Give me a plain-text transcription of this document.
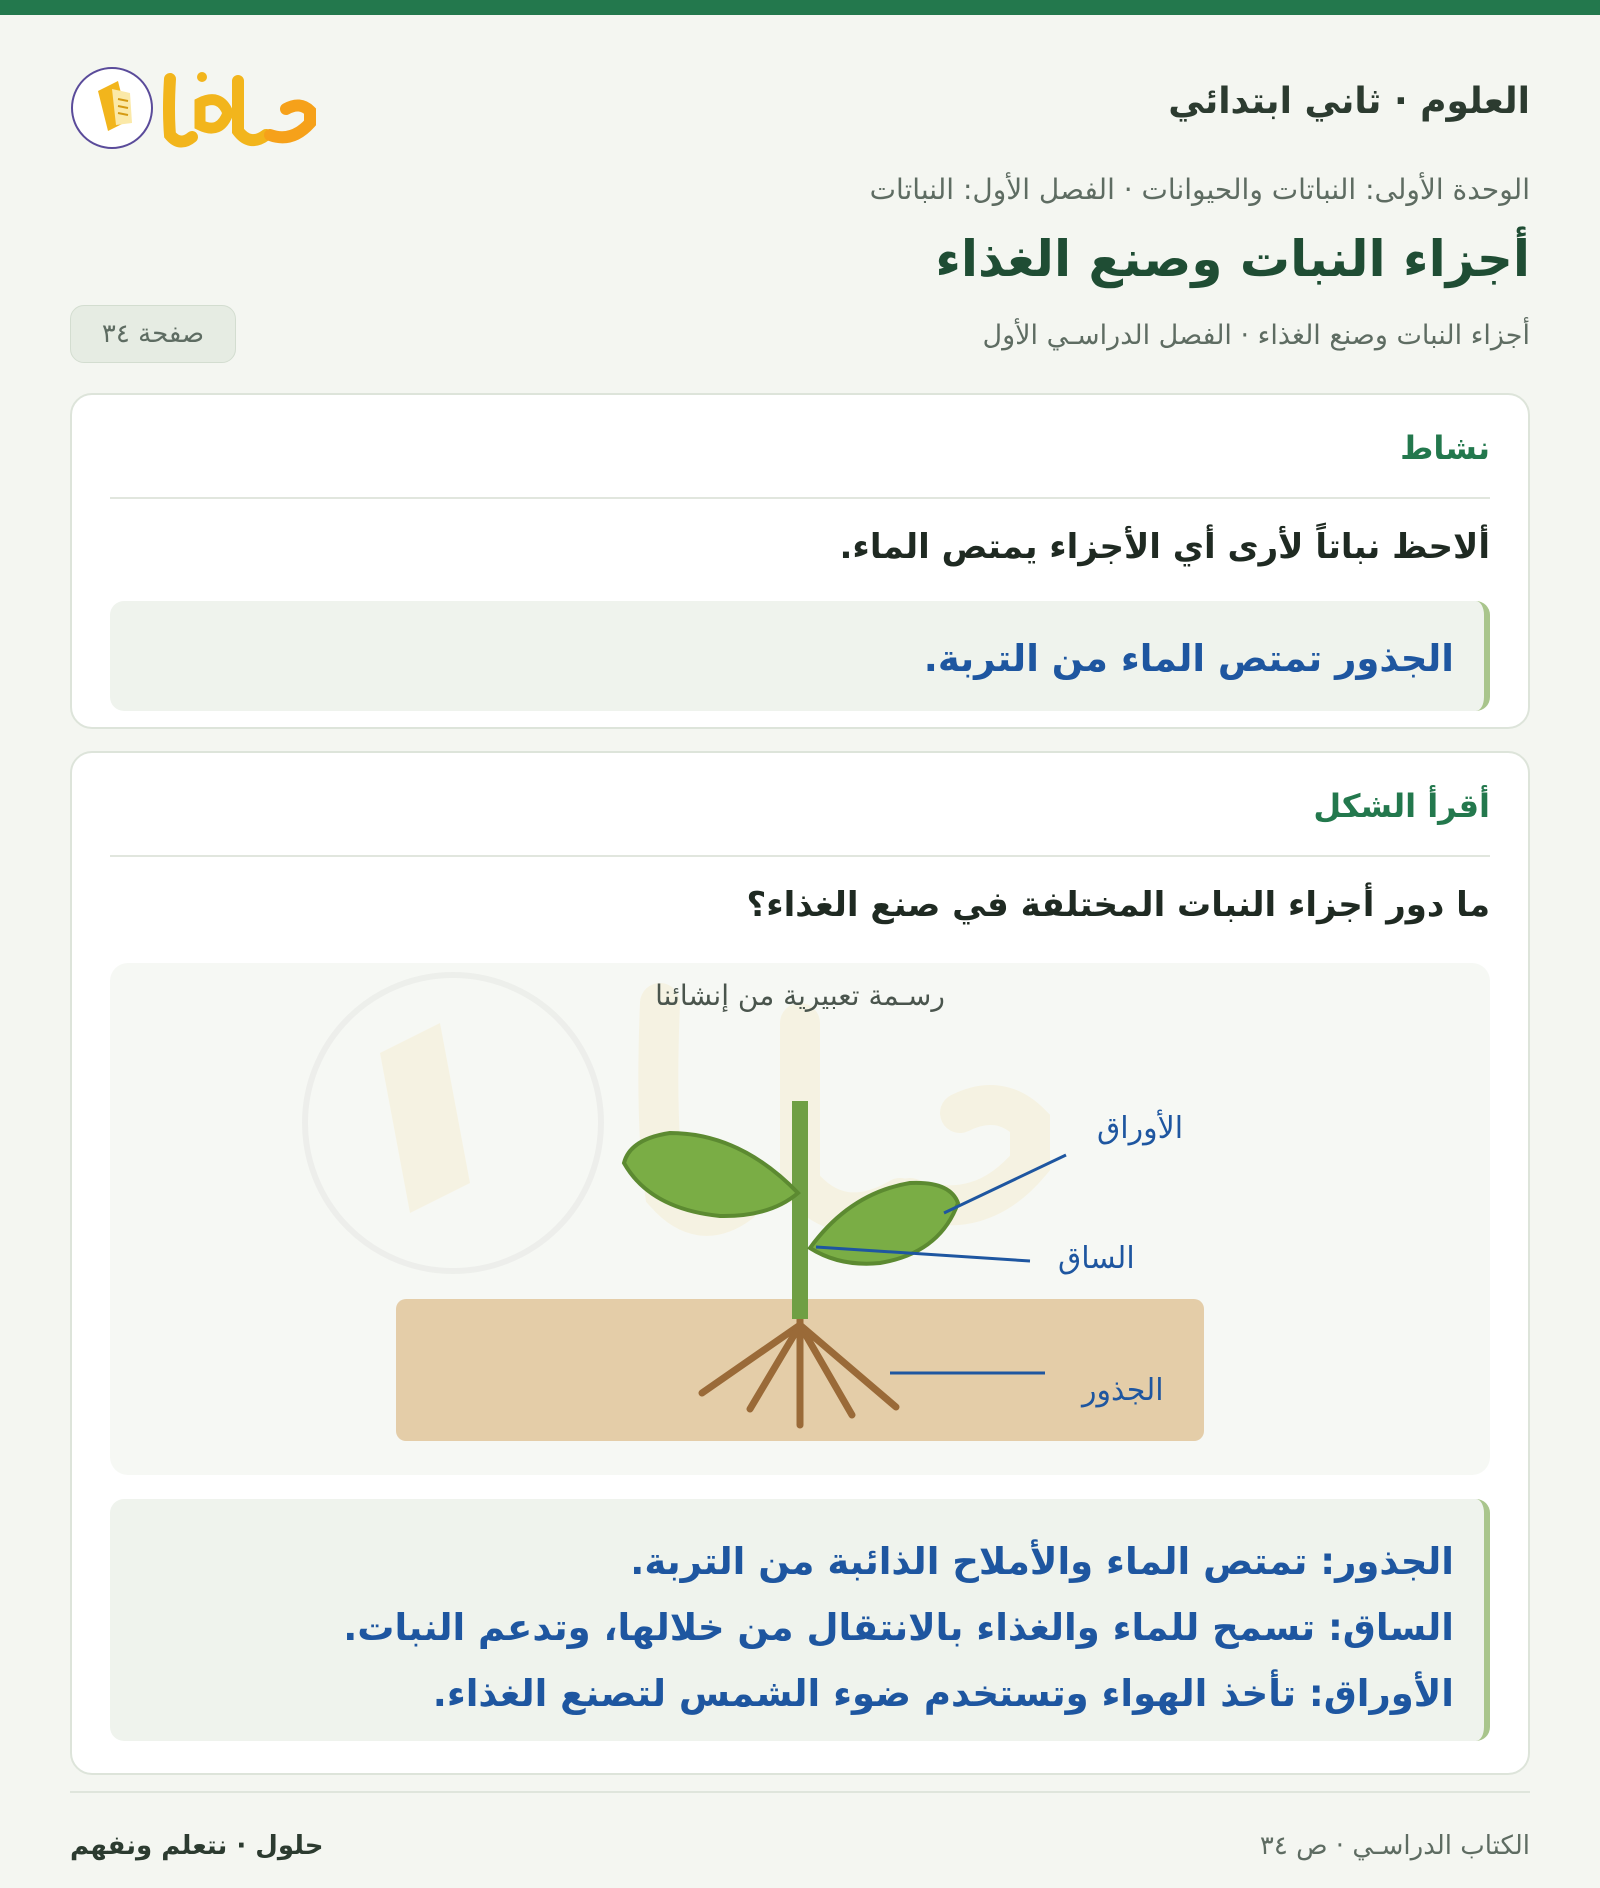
العلوم · ثاني ابتدائي
الوحدة الأولى: النباتات والحيوانات · الفصل الأول: النباتات
أجزاء النبات وصنع الغذاء
أجزاء النبات وصنع الغذاء · الفصل الدراسـي الأول
صفحة ٣٤
نشاط
ألاحظ نباتاً لأرى أي الأجزاء يمتص الماء.
الجذور تمتص الماء من التربة.
أقرأ الشكل
ما دور أجزاء النبات المختلفة في صنع الغذاء؟
رسـمة تعبيرية من إنشائنا
الأوراق
الساق
الجذور
الجذور: تمتص الماء والأملاح الذائبة من التربة.
الساق: تسمح للماء والغذاء بالانتقال من خلالها، وتدعم النبات.
الأوراق: تأخذ الهواء وتستخدم ضوء الشمس لتصنع الغذاء.
الكتاب الدراسـي · ص ٣٤
حلول · نتعلم ونفهم
